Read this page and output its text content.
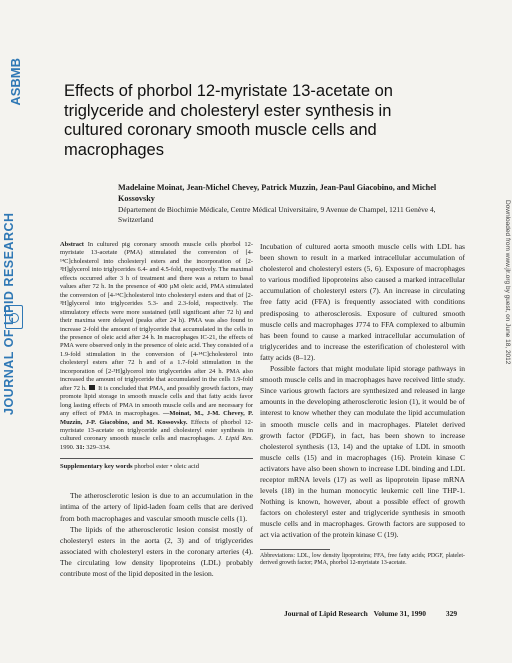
JOURNAL OF LIPID RESEARCH
ASBMB
Downloaded from www.jlr.org by guest, on June 18, 2012
Effects of phorbol 12-myristate 13-acetate on triglyceride and cholesteryl ester synthesis in cultured coronary smooth muscle cells and macrophages
Madelaine Moinat, Jean-Michel Chevey, Patrick Muzzin, Jean-Paul Giacobino, and Michel Kossovsky
Département de Biochimie Médicale, Centre Médical Universitaire, 9 Avenue de Champel, 1211 Genève 4, Switzerland

Abstract In cultured pig coronary smooth muscle cells phorbol 12-myristate 13-acetate (PMA) stimulated the conversion of [4-¹⁴C]cholesterol into cholesteryl esters and the incorporation of [2-³H]glycerol into triglycerides 6.4- and 4.5-fold, respectively. The maximal effects occurred after 3 h of treatment and there was a return to basal values after 72 h. In the presence of 400 µM oleic acid, PMA stimulated the conversion of [4-¹⁴C]cholesterol into cholesteryl esters and that of [2-³H]glycerol into triglycerides 5.3- and 2.3-fold, respectively. The stimulatory effects were more sustained (still significant after 72 h) and their maxima were delayed (peaks after 24 h). PMA was also found to increase 2-fold the amount of triglyceride that accumulated in the cells in the presence of oleic acid after 24 h. In macrophages IC-21, the effects of PMA were observed only in the presence of oleic acid. They consisted of a 1.9-fold stimulation in the conversion of [4-¹⁴C]cholesterol into cholesteryl esters after 72 h and of a 1.7-fold stimulation in the incorporation of [2-³H]glycerol into triglycerides after 24 h. PMA also increased the amount of triglyceride that accumulated in the cells 1.9-fold after 72 h. It is concluded that PMA, and possibly growth factors, may promote lipid storage in smooth muscle cells and that fatty acids favor long lasting effects of PMA in smooth muscle cells and are necessary for any effect of PMA in macrophages. —Moinat, M., J-M. Chevey, P. Muzzin, J-P. Giacobino, and M. Kossovsky. Effects of phorbol 12-myristate 13-acetate on triglyceride and cholesteryl ester synthesis in cultured coronary smooth muscle cells and macrophages. J. Lipid Res. 1990. 31: 329–334.

Supplementary key words phorbol ester • oleic acid

The atherosclerotic lesion is due to an accumulation in the intima of the artery of lipid-laden foam cells that are derived from both macrophages and vascular smooth muscle cells (1).

The lipids of the atherosclerotic lesion consist mostly of cholesteryl esters in the aorta (2, 3) and of triglycerides associated with cholesteryl esters in the coronary arteries (4). The circulating low density lipoproteins (LDL) probably contribute most of the lipid deposited in the lesion.

Incubation of cultured aorta smooth muscle cells with LDL has been shown to result in a marked intracellular accumulation of cholesterol and cholesteryl esters (5, 6). Exposure of macrophages to various modified lipoproteins also caused a marked intracellular accumulation of cholesteryl esters (7). An increase in circulating free fatty acid (FFA) is frequently associated with conditions predisposing to atherosclerosis. Exposure of cultured smooth muscle cells and macrophages J774 to FFA complexed to albumin has been found to cause a marked intracellular accumulation of triglycerides and to increase the esterification of cholesterol with fatty acids (8–12).

Possible factors that might modulate lipid storage pathways in smooth muscle cells and in macrophages have received little study. Since various growth factors are synthesized and released in large amounts in the developing atherosclerotic lesion (1), it would be of interest to know whether they can modulate the lipid accumulation in smooth muscle cells and in macrophages. Platelet derived growth factor (PDGF), in fact, has been shown to increase cholesterol synthesis (13, 14) and the uptake of LDL in smooth muscle cells (15) and in macrophages (16). Protein kinase C activators have also been shown to increase LDL binding and LDL receptor mRNA levels (17) as well as lipoprotein lipase mRNA levels (18) in the human monocytic leukemic cell line THP-1. Nothing is known, however, about a possible effect of growth factors on cholesteryl ester and triglyceride synthesis in smooth muscle cells and in macrophages. Growth factors are supposed to act via activation of the protein kinase C (19).

Abbreviations: LDL, low density lipoproteins; FFA, free fatty acids; PDGF, platelet-derived growth factor; PMA, phorbol 12-myristate 13-acetate.

Journal of Lipid Research Volume 31, 1990	329
